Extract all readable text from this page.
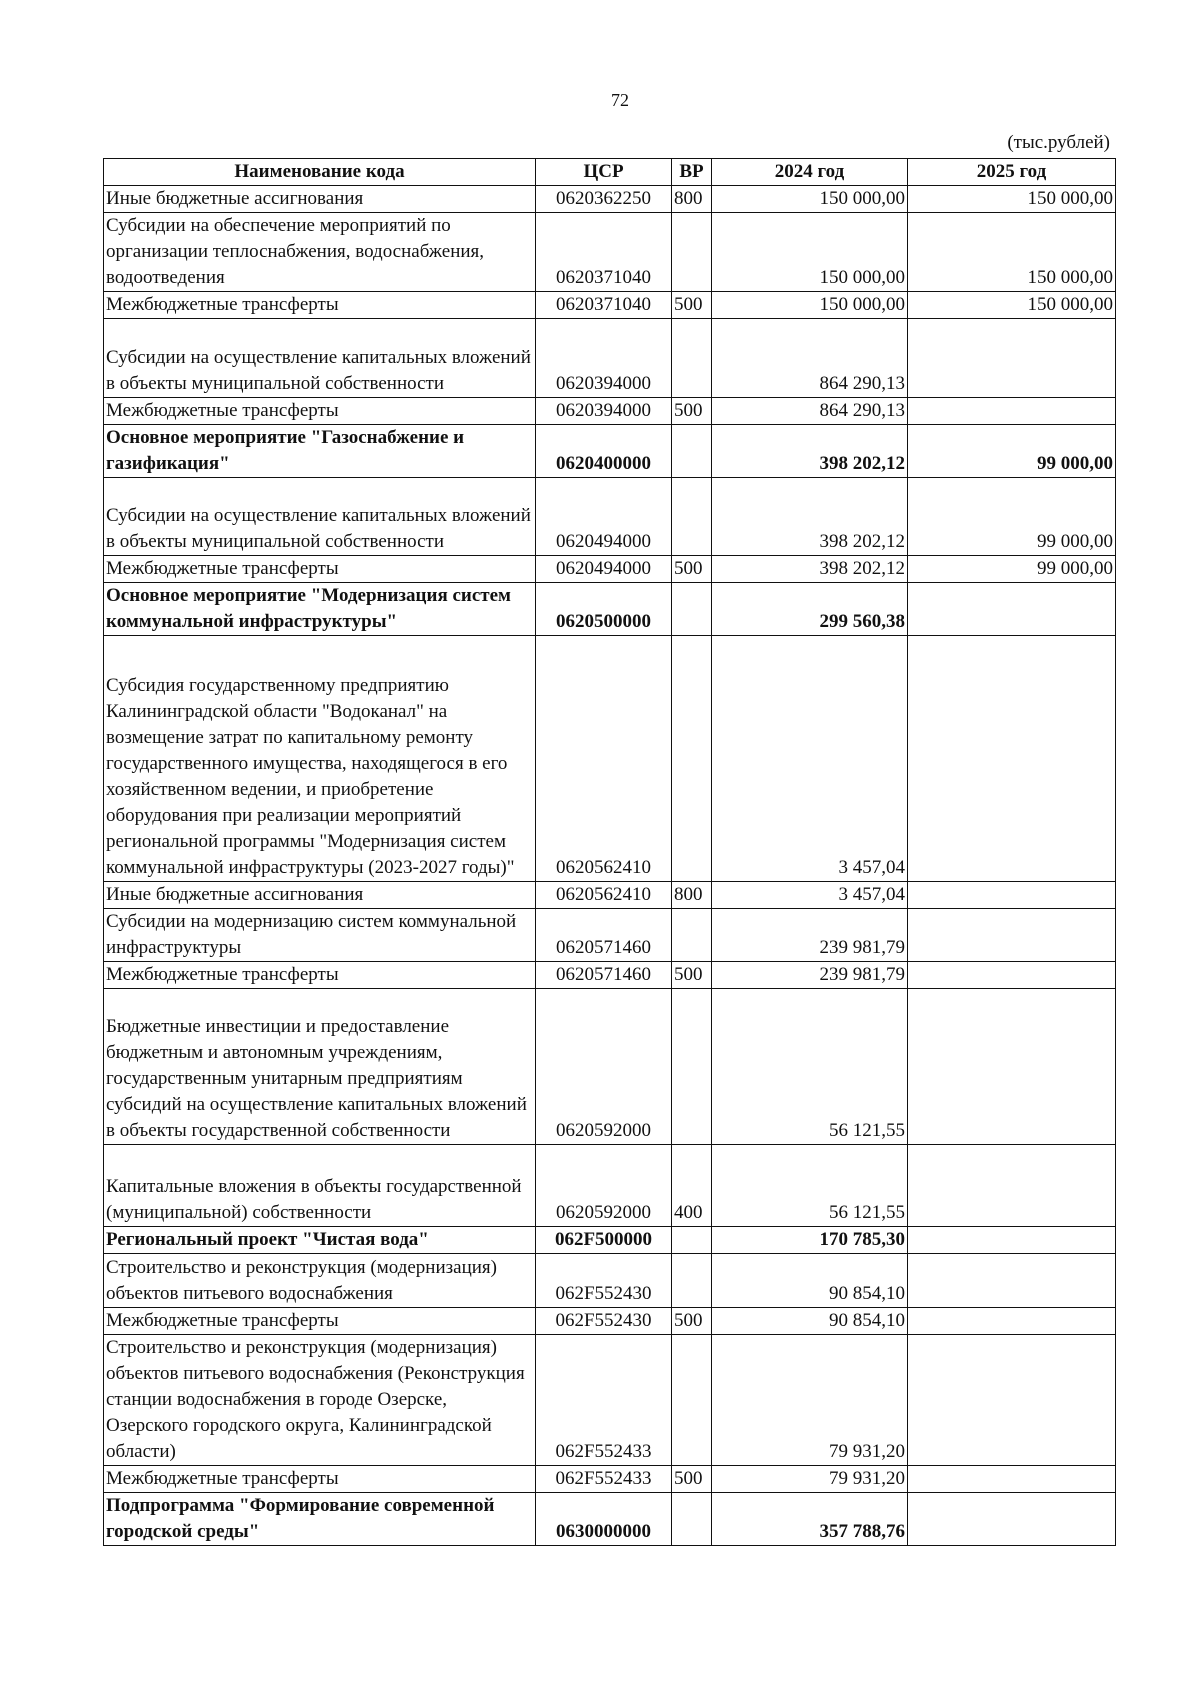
72
(тыс.рублей)
Наименование кода	ЦСР	ВР	2024 год	2025 год
Иные бюджетные ассигнования	0620362250	800	150 000,00	150 000,00
Субсидии на обеспечение мероприятий по организации теплоснабжения, водоснабжения, водоотведения	0620371040		150 000,00	150 000,00
Межбюджетные трансферты	0620371040	500	150 000,00	150 000,00
Субсидии на осуществление капитальных вложений в объекты муниципальной собственности	0620394000		864 290,13	
Межбюджетные трансферты	0620394000	500	864 290,13	
Основное мероприятие "Газоснабжение и газификация"	0620400000		398 202,12	99 000,00
Субсидии на осуществление капитальных вложений в объекты муниципальной собственности	0620494000		398 202,12	99 000,00
Межбюджетные трансферты	0620494000	500	398 202,12	99 000,00
Основное мероприятие "Модернизация систем коммунальной инфраструктуры"	0620500000		299 560,38	
Субсидия государственному предприятию Калининградской области "Водоканал" на возмещение затрат по капитальному ремонту государственного имущества, находящегося в его хозяйственном ведении, и приобретение оборудования при реализации мероприятий региональной программы "Модернизация систем коммунальной инфраструктуры (2023-2027 годы)"	0620562410		3 457,04	
Иные бюджетные ассигнования	0620562410	800	3 457,04	
Субсидии на модернизацию систем коммунальной инфраструктуры	0620571460		239 981,79	
Межбюджетные трансферты	0620571460	500	239 981,79	
Бюджетные инвестиции и предоставление бюджетным и автономным учреждениям, государственным унитарным предприятиям субсидий на осуществление капитальных вложений в объекты государственной собственности	0620592000		56 121,55	
Капитальные вложения в объекты государственной (муниципальной) собственности	0620592000	400	56 121,55	
Региональный проект "Чистая вода"	062F500000		170 785,30	
Строительство и реконструкция (модернизация) объектов питьевого водоснабжения	062F552430		90 854,10	
Межбюджетные трансферты	062F552430	500	90 854,10	
Строительство и реконструкция (модернизация) объектов питьевого водоснабжения (Реконструкция станции водоснабжения в городе Озерске, Озерского городского округа, Калининградской области)	062F552433		79 931,20	
Межбюджетные трансферты	062F552433	500	79 931,20	
Подпрограмма "Формирование современной городской среды"	0630000000		357 788,76	
